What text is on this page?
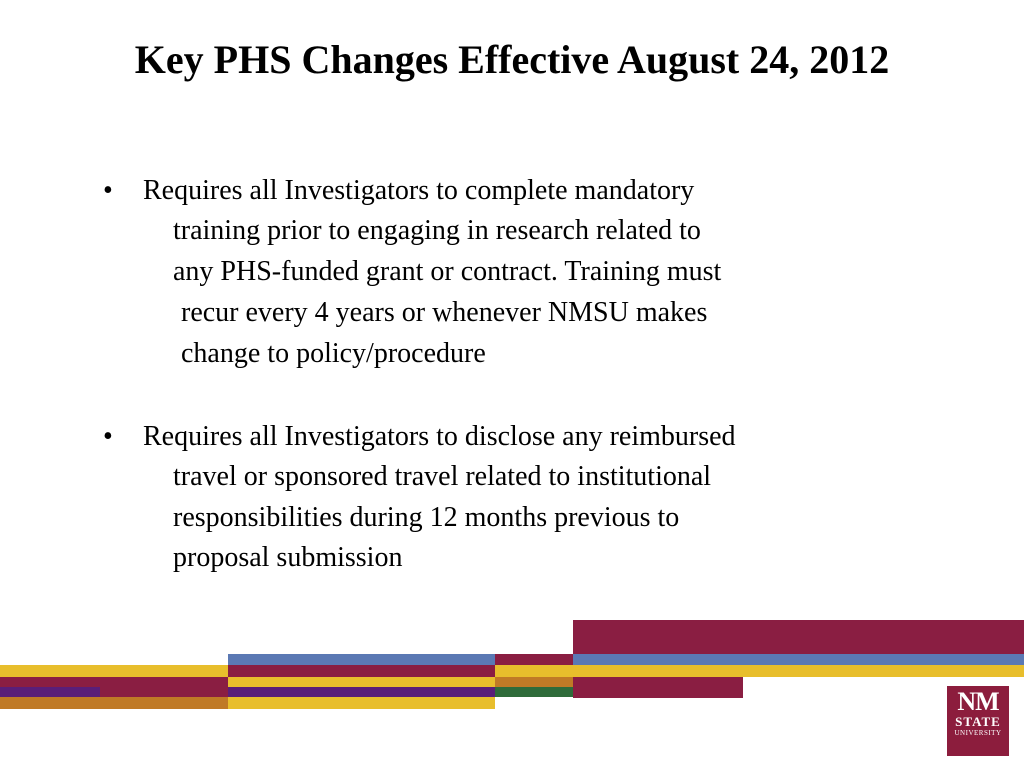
Key PHS Changes Effective August 24, 2012
• Requires all Investigators to complete mandatory
training prior to engaging in research related to
any PHS-funded grant or contract. Training must
recur every 4 years or whenever NMSU makes
change to policy/procedure
• Requires all Investigators to disclose any reimbursed
travel or sponsored travel related to institutional
responsibilities during 12 months previous to
proposal submission
NM
STATE
UNIVERSITY
